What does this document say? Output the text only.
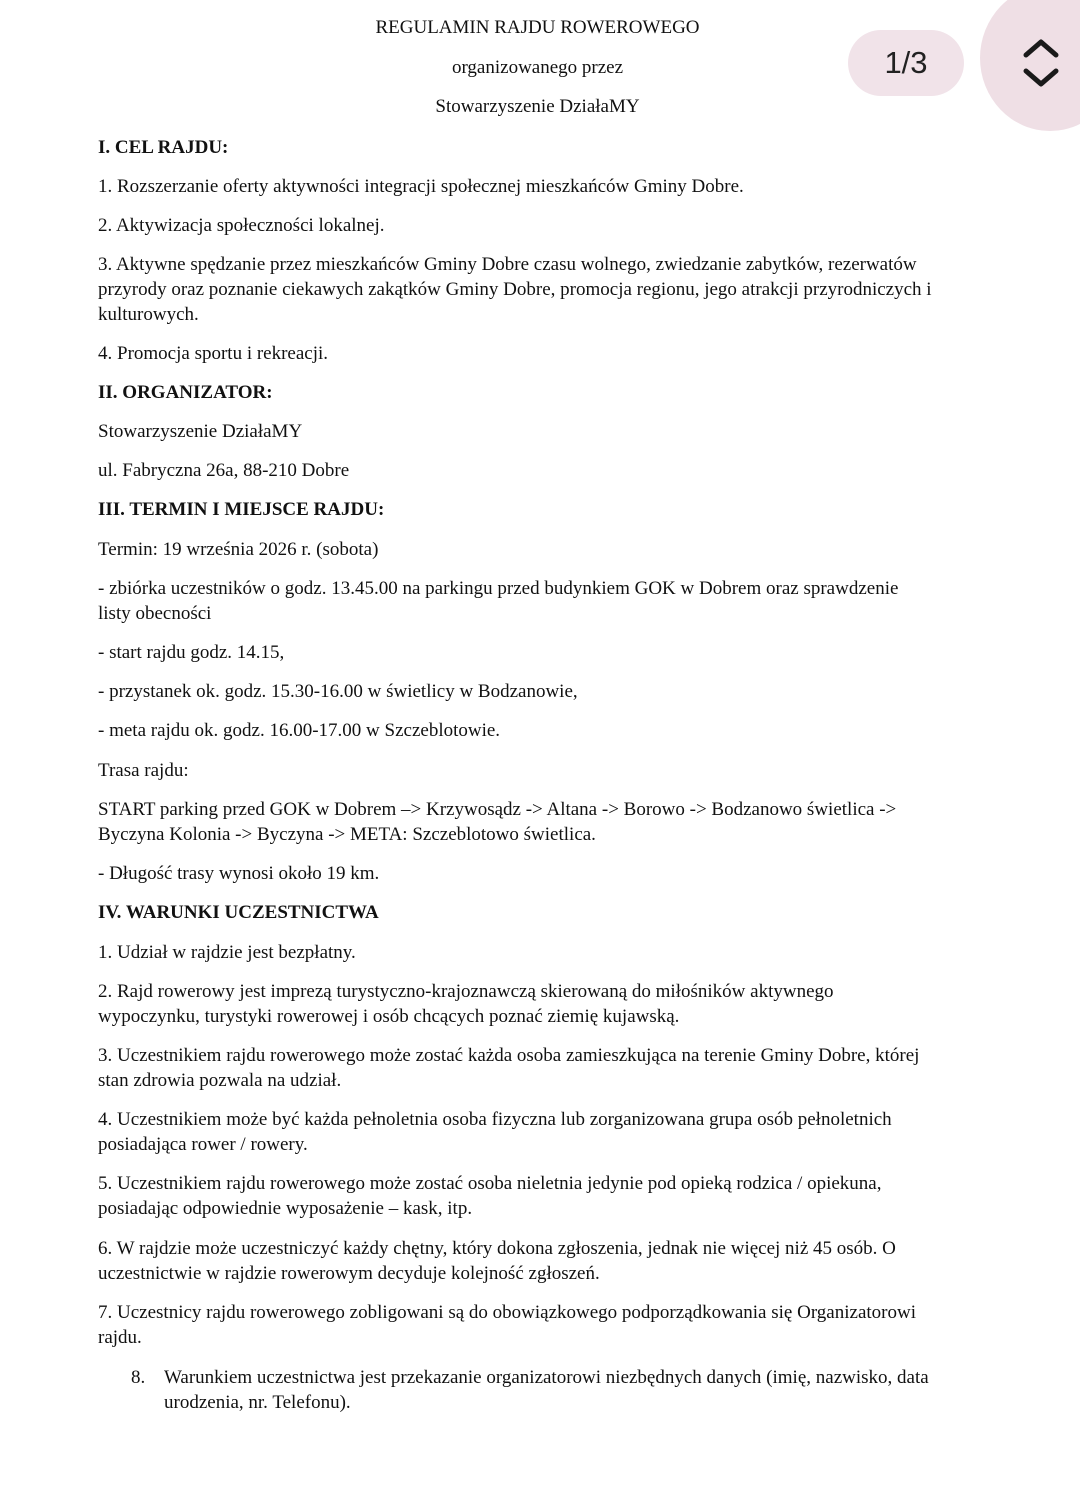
REGULAMIN RAJDU ROWEROWEGO
organizowanego przez
Stowarzyszenie DziałaMY
I. CEL RAJDU:
1. Rozszerzanie oferty aktywności integracji społecznej mieszkańców Gminy Dobre.
2. Aktywizacja społeczności lokalnej.
3. Aktywne spędzanie przez mieszkańców Gminy Dobre czasu wolnego, zwiedzanie zabytków, rezerwatów
przyrody oraz poznanie ciekawych zakątków Gminy Dobre, promocja regionu, jego atrakcji przyrodniczych i
kulturowych.
4. Promocja sportu i rekreacji.
II. ORGANIZATOR:
Stowarzyszenie DziałaMY
ul. Fabryczna 26a, 88-210 Dobre
III. TERMIN I MIEJSCE RAJDU:
Termin: 19 września 2026 r. (sobota)
- zbiórka uczestników o godz. 13.45.00 na parkingu przed budynkiem GOK w Dobrem oraz sprawdzenie
listy obecności
- start rajdu godz. 14.15,
- przystanek ok. godz. 15.30-16.00 w świetlicy w Bodzanowie,
- meta rajdu ok. godz. 16.00-17.00 w Szczeblotowie.
Trasa rajdu:
START parking przed GOK w Dobrem –> Krzywosądz -> Altana -> Borowo -> Bodzanowo świetlica ->
Byczyna Kolonia -> Byczyna -> META: Szczeblotowo świetlica.
- Długość trasy wynosi około 19 km.
IV. WARUNKI UCZESTNICTWA
1. Udział w rajdzie jest bezpłatny.
2. Rajd rowerowy jest imprezą turystyczno-krajoznawczą skierowaną do miłośników aktywnego
wypoczynku, turystyki rowerowej i osób chcących poznać ziemię kujawską.
3. Uczestnikiem rajdu rowerowego może zostać każda osoba zamieszkująca na terenie Gminy Dobre, której
stan zdrowia pozwala na udział.
4. Uczestnikiem może być każda pełnoletnia osoba fizyczna lub zorganizowana grupa osób pełnoletnich
posiadająca rower / rowery.
5. Uczestnikiem rajdu rowerowego może zostać osoba nieletnia jedynie pod opieką rodzica / opiekuna,
posiadając odpowiednie wyposażenie – kask, itp.
6. W rajdzie może uczestniczyć każdy chętny, który dokona zgłoszenia, jednak nie więcej niż 45 osób. O
uczestnictwie w rajdzie rowerowym decyduje kolejność zgłoszeń.
7. Uczestnicy rajdu rowerowego zobligowani są do obowiązkowego podporządkowania się Organizatorowi
rajdu.
8. Warunkiem uczestnictwa jest przekazanie organizatorowi niezbędnych danych (imię, nazwisko, data
urodzenia, nr. Telefonu).
1/3
